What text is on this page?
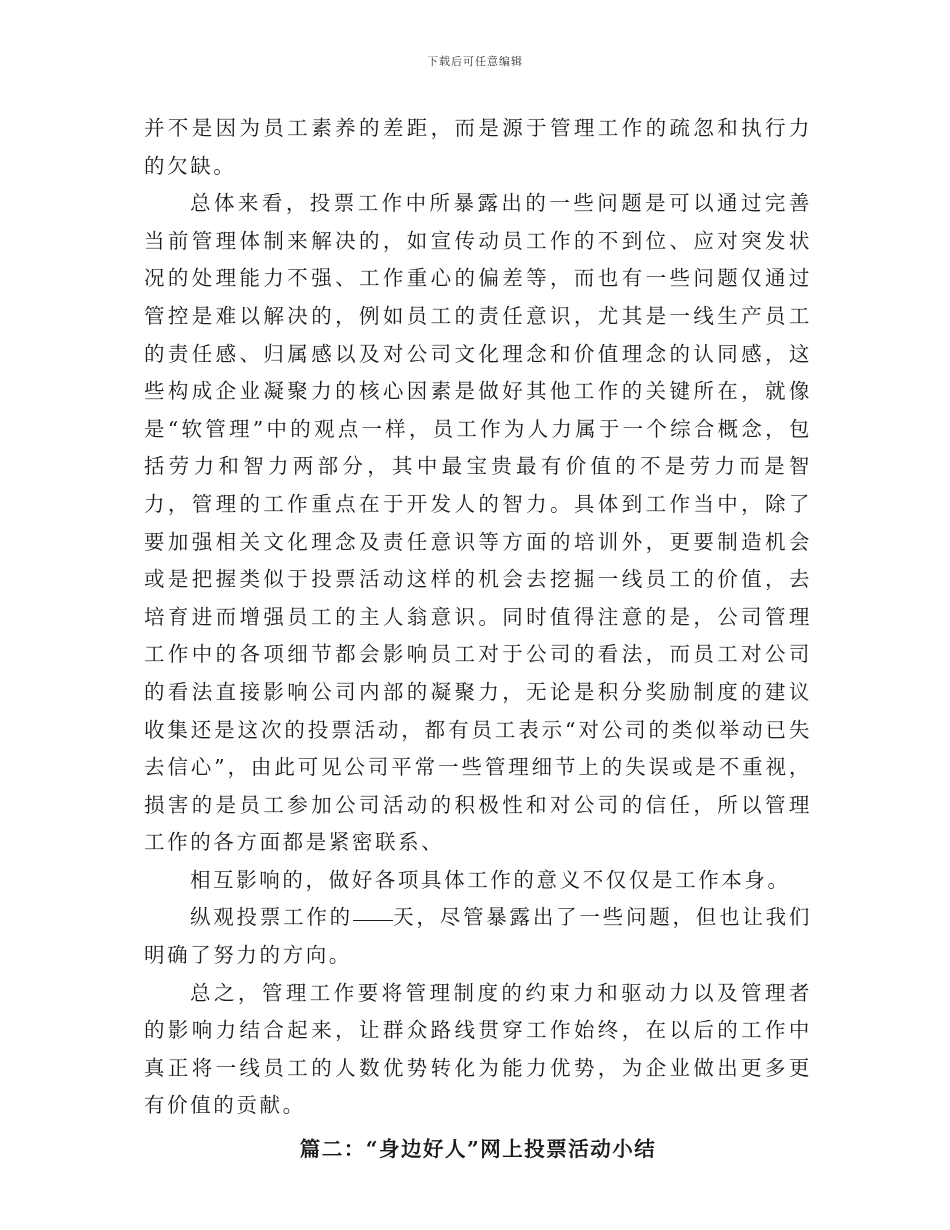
下载后可任意编辑

并不是因为员工素养的差距，而是源于管理工作的疏忽和执行力的欠缺。

总体来看，投票工作中所暴露出的一些问题是可以通过完善当前管理体制来解决的，如宣传动员工作的不到位、应对突发状况的处理能力不强、工作重心的偏差等，而也有一些问题仅通过管控是难以解决的，例如员工的责任意识，尤其是一线生产员工的责任感、归属感以及对公司文化理念和价值理念的认同感，这些构成企业凝聚力的核心因素是做好其他工作的关键所在，就像是“软管理”中的观点一样，员工作为人力属于一个综合概念，包括劳力和智力两部分，其中最宝贵最有价值的不是劳力而是智力，管理的工作重点在于开发人的智力。具体到工作当中，除了要加强相关文化理念及责任意识等方面的培训外，更要制造机会或是把握类似于投票活动这样的机会去挖掘一线员工的价值，去培育进而增强员工的主人翁意识。同时值得注意的是，公司管理工作中的各项细节都会影响员工对于公司的看法，而员工对公司的看法直接影响公司内部的凝聚力，无论是积分奖励制度的建议收集还是这次的投票活动，都有员工表示“对公司的类似举动已失去信心”，由此可见公司平常一些管理细节上的失误或是不重视，损害的是员工参加公司活动的积极性和对公司的信任，所以管理工作的各方面都是紧密联系、

相互影响的，做好各项具体工作的意义不仅仅是工作本身。

纵观投票工作的 天，尽管暴露出了一些问题，但也让我们明确了努力的方向。

总之，管理工作要将管理制度的约束力和驱动力以及管理者的影响力结合起来，让群众路线贯穿工作始终，在以后的工作中真正将一线员工的人数优势转化为能力优势，为企业做出更多更有价值的贡献。

篇二：“身边好人”网上投票活动小结
